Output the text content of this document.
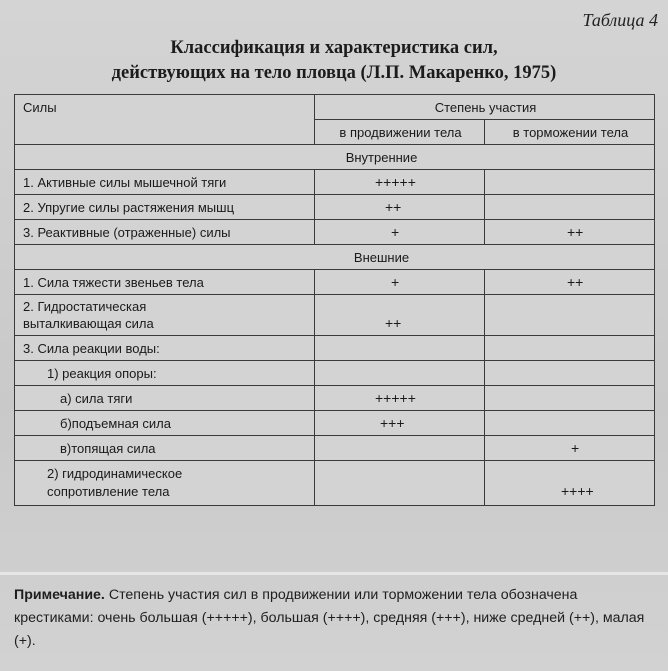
Таблица 4
Классификация и характеристика сил,
действующих на тело пловца (Л.П. Макаренко, 1975)
Силы	Степень участия	
	в продвижении тела	в торможении тела
Внутренние		
1. Активные силы мышечной тяги	+++++	
2. Упругие силы растяжения мышц	++	
3. Реактивные (отраженные) силы	+	++
Внешние		
1. Сила тяжести звеньев тела	+	++

2. Гидростатическая
выталкивающая сила	++	
3. Сила реакции воды:		
1) реакция опоры:		
а) сила тяги	+++++	
б)подъемная сила	+++	
в)топящая сила		+

2) гидродинамическое
сопротивление тела		++++
Примечание. Степень участия сил в продвижении или торможении тела обозначена крестиками: очень большая (+++++), большая (++++), средняя (+++), ниже средней (++), малая (+).
